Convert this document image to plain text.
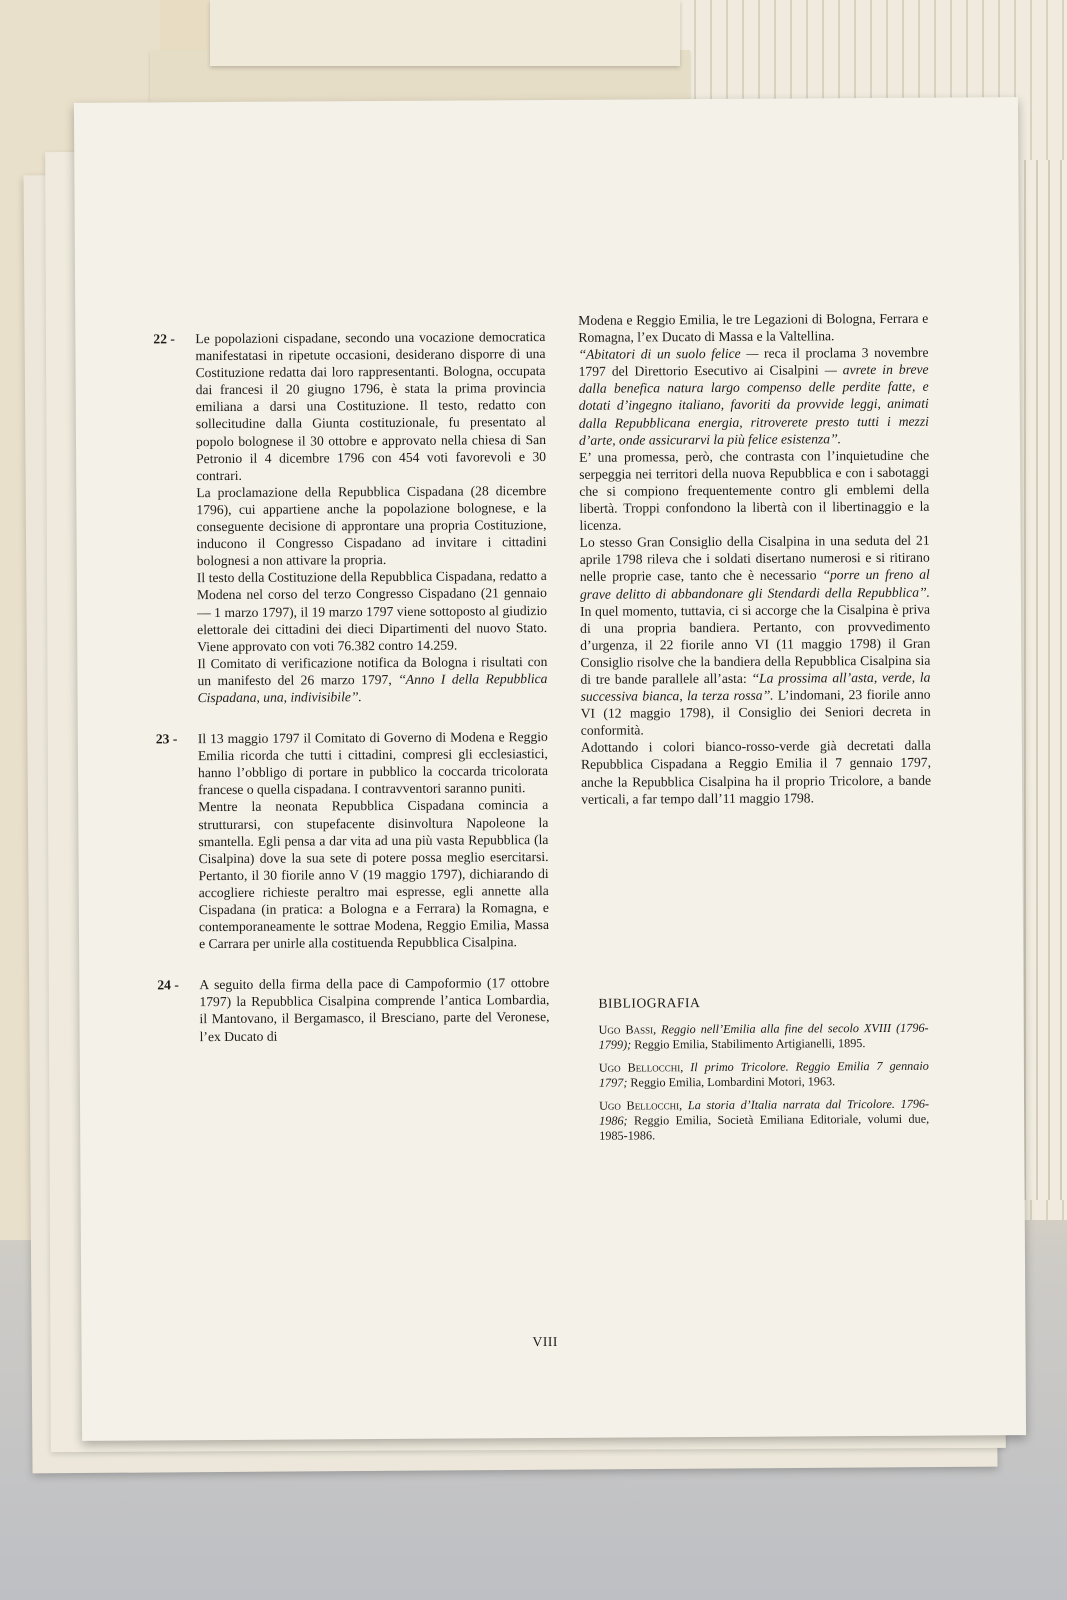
22 - Le popolazioni cispadane, secondo una vocazione democratica manifestatasi in ripetute occasioni, desiderano disporre di una Costituzione redatta dai loro rappresentanti. Bologna, occupata dai francesi il 20 giugno 1796, è stata la prima provincia emiliana a darsi una Costituzione. Il testo, redatto con sollecitudine dalla Giunta costituzionale, fu presentato al popolo bolognese il 30 ottobre e approvato nella chiesa di San Petronio il 4 dicembre 1796 con 454 voti favorevoli e 30 contrari.

La proclamazione della Repubblica Cispadana (28 dicembre 1796), cui appartiene anche la popolazione bolognese, e la conseguente decisione di approntare una propria Costituzione, inducono il Congresso Cispadano ad invitare i cittadini bolognesi a non attivare la propria.

Il testo della Costituzione della Repubblica Cispadana, redatto a Modena nel corso del terzo Congresso Cispadano (21 gennaio — 1 marzo 1797), il 19 marzo 1797 viene sottoposto al giudizio elettorale dei cittadini dei dieci Dipartimenti del nuovo Stato. Viene approvato con voti 76.382 contro 14.259.

Il Comitato di verificazione notifica da Bologna i risultati con un manifesto del 26 marzo 1797, ‘‘Anno I della Repubblica Cispadana, una, indivisibile’’.

23 - Il 13 maggio 1797 il Comitato di Governo di Modena e Reggio Emilia ricorda che tutti i cittadini, compresi gli ecclesiastici, hanno l’obbligo di portare in pubblico la coccarda tricolorata francese o quella cispadana. I contravventori saranno puniti.

Mentre la neonata Repubblica Cispadana comincia a strutturarsi, con stupefacente disinvoltura Napoleone la smantella. Egli pensa a dar vita ad una più vasta Repubblica (la Cisalpina) dove la sua sete di potere possa meglio esercitarsi. Pertanto, il 30 fiorile anno V (19 maggio 1797), dichiarando di accogliere richieste peraltro mai espresse, egli annette alla Cispadana (in pratica: a Bologna e a Ferrara) la Romagna, e contemporaneamente le sottrae Modena, Reggio Emilia, Massa e Carrara per unirle alla costituenda Repubblica Cisalpina.

24 - A seguito della firma della pace di Campoformio (17 ottobre 1797) la Repubblica Cisalpina comprende l’antica Lombardia, il Mantovano, il Bergamasco, il Bresciano, parte del Veronese, l’ex Ducato di

Modena e Reggio Emilia, le tre Legazioni di Bologna, Ferrara e Romagna, l’ex Ducato di Massa e la Valtellina.

‘‘Abitatori di un suolo felice — reca il proclama 3 novembre 1797 del Direttorio Esecutivo ai Cisalpini — avrete in breve dalla benefica natura largo compenso delle perdite fatte, e dotati d’ingegno italiano, favoriti da provvide leggi, animati dalla Repubblicana energia, ritroverete presto tutti i mezzi d’arte, onde assicurarvi la più felice esistenza’’.

E’ una promessa, però, che contrasta con l’inquietudine che serpeggia nei territori della nuova Repubblica e con i sabotaggi che si compiono frequentemente contro gli emblemi della libertà. Troppi confondono la libertà con il libertinaggio e la licenza.

Lo stesso Gran Consiglio della Cisalpina in una seduta del 21 aprile 1798 rileva che i soldati disertano numerosi e si ritirano nelle proprie case, tanto che è necessario ‘‘porre un freno al grave delitto di abbandonare gli Stendardi della Repubblica’’. In quel momento, tuttavia, ci si accorge che la Cisalpina è priva di una propria bandiera. Pertanto, con provvedimento d’urgenza, il 22 fiorile anno VI (11 maggio 1798) il Gran Consiglio risolve che la bandiera della Repubblica Cisalpina sia di tre bande parallele all’asta: ‘‘La prossima all’asta, verde, la successiva bianca, la terza rossa’’. L’indomani, 23 fiorile anno VI (12 maggio 1798), il Consiglio dei Seniori decreta in conformità.

Adottando i colori bianco-rosso-verde già decretati dalla Repubblica Cispadana a Reggio Emilia il 7 gennaio 1797, anche la Repubblica Cisalpina ha il proprio Tricolore, a bande verticali, a far tempo dall’11 maggio 1798.

BIBLIOGRAFIA

Ugo Bassi, Reggio nell’Emilia alla fine del secolo XVIII (1796-1799); Reggio Emilia, Stabilimento Artigianelli, 1895.

Ugo Bellocchi, Il primo Tricolore. Reggio Emilia 7 gennaio 1797; Reggio Emilia, Lombardini Motori, 1963.

Ugo Bellocchi, La storia d’Italia narrata dal Tricolore. 1796-1986; Reggio Emilia, Società Emiliana Editoriale, volumi due, 1985-1986.

VIII
